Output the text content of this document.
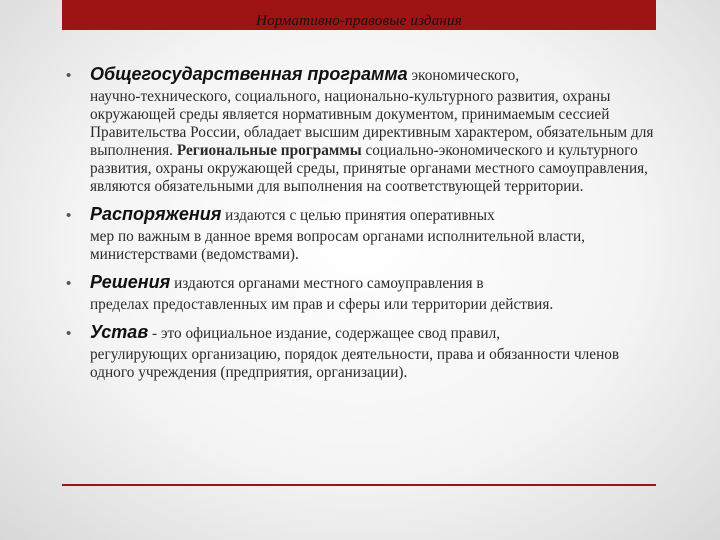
Нормативно-правовые издания
• Общегосударственная программа экономического,
научно-технического, социального, национально-культурного развития, охраны окружающей среды является нормативным документом, принимаемым сессией Правительства России, обладает высшим директивным характером, обязательным для выполнения. Региональные программы социально-экономического и культурного развития, охраны окружающей среды, принятые органами местного самоуправления, являются обязательными для выполнения на соответствующей территории.
• Распоряжения издаются с целью принятия оперативных
мер по важным в данное время вопросам органами исполнительной власти, министерствами (ведомствами).
• Решения издаются органами местного самоуправления в
пределах предоставленных им прав и сферы или территории действия.
• Устав - это официальное издание, содержащее свод правил,
регулирующих организацию, порядок деятельности, права и обязанности членов одного учреждения (предприятия, организации).
